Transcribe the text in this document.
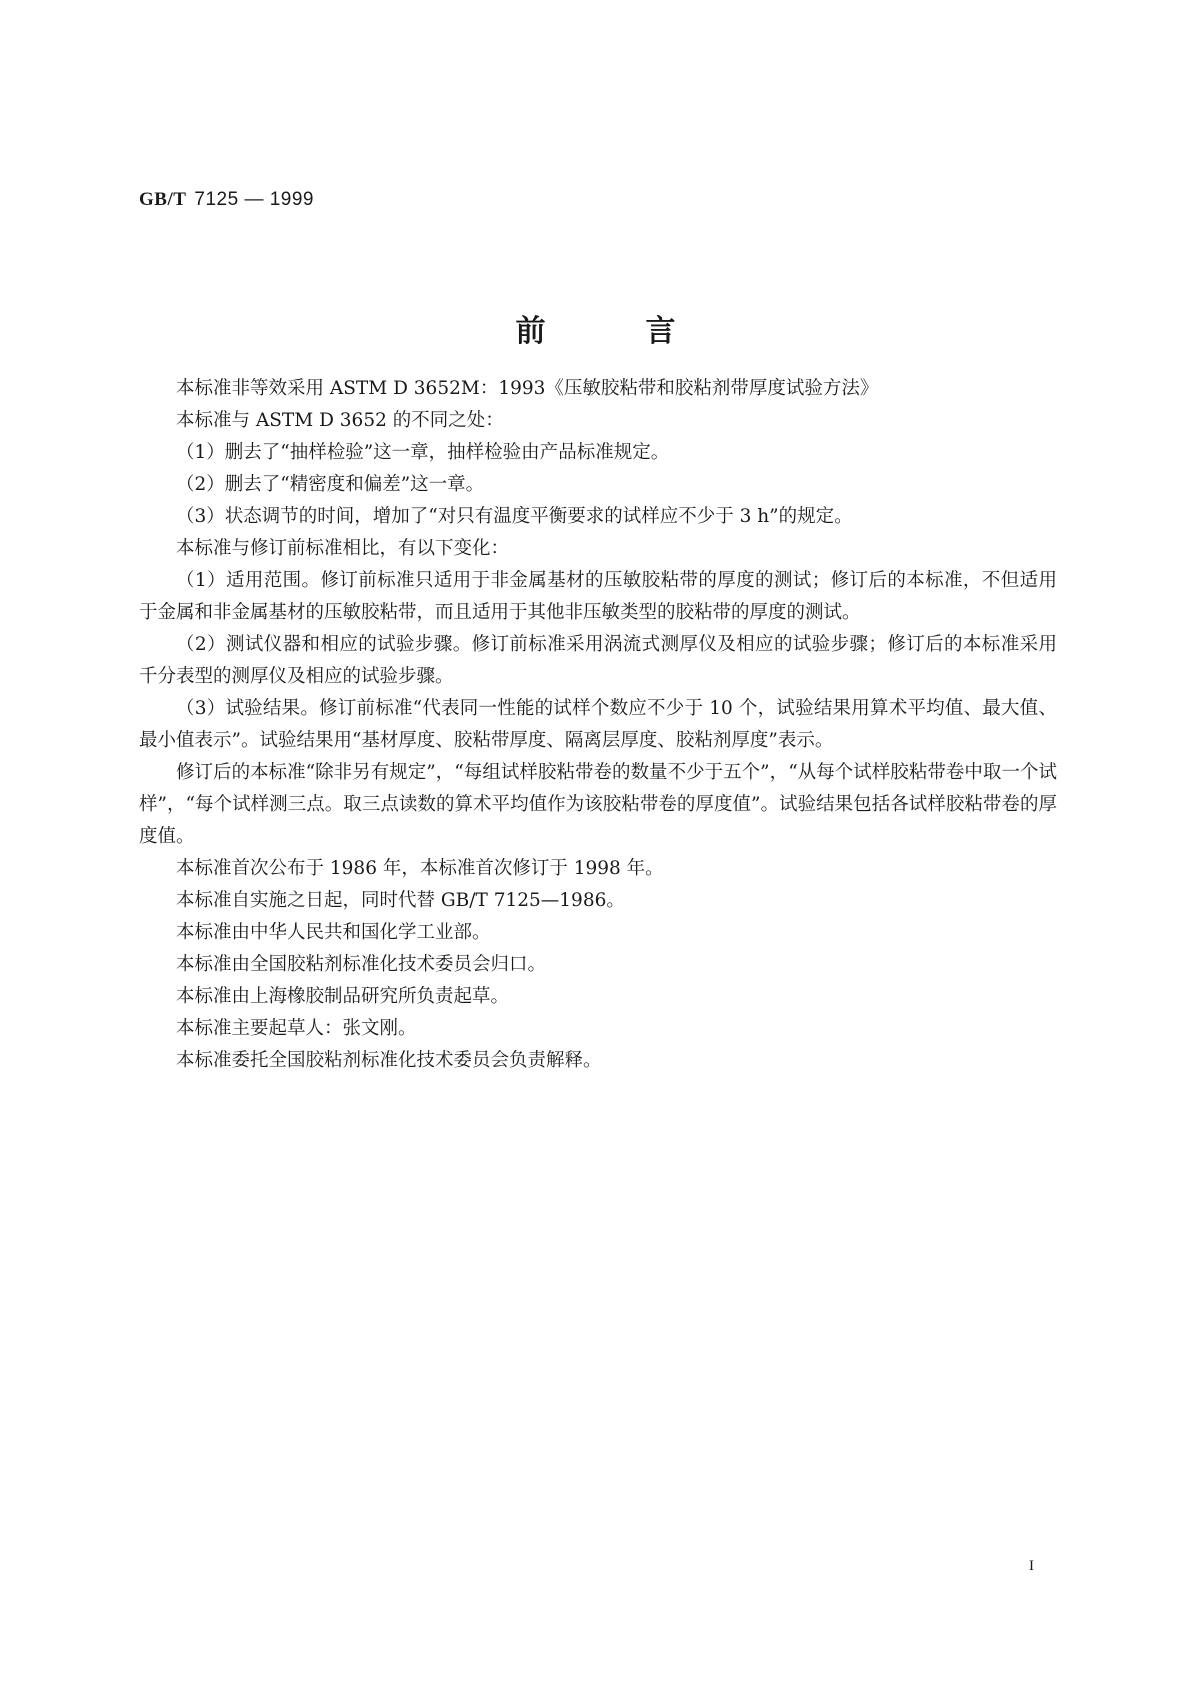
GB/T 7125 — 1999
前言

本标准非等效采用 ASTM D 3652M：1993《压敏胶粘带和胶粘剂带厚度试验方法》

本标准与 ASTM D 3652 的不同之处：

（1）删去了“抽样检验”这一章，抽样检验由产品标准规定。

（2）删去了“精密度和偏差”这一章。

（3）状态调节的时间，增加了“对只有温度平衡要求的试样应不少于 3 h”的规定。

本标准与修订前标准相比，有以下变化：

（1）适用范围。修订前标准只适用于非金属基材的压敏胶粘带的厚度的测试；修订后的本标准，不但适用于金属和非金属基材的压敏胶粘带，而且适用于其他非压敏类型的胶粘带的厚度的测试。

（2）测试仪器和相应的试验步骤。修订前标准采用涡流式测厚仪及相应的试验步骤；修订后的本标准采用千分表型的测厚仪及相应的试验步骤。

（3）试验结果。修订前标准“代表同一性能的试样个数应不少于 10 个，试验结果用算术平均值、最大值、最小值表示”。试验结果用“基材厚度、胶粘带厚度、隔离层厚度、胶粘剂厚度”表示。

修订后的本标准“除非另有规定”，“每组试样胶粘带卷的数量不少于五个”，“从每个试样胶粘带卷中取一个试样”，“每个试样测三点。取三点读数的算术平均值作为该胶粘带卷的厚度值”。试验结果包括各试样胶粘带卷的厚度值。

本标准首次公布于 1986 年，本标准首次修订于 1998 年。

本标准自实施之日起，同时代替 GB/T 7125—1986。

本标准由中华人民共和国化学工业部。

本标准由全国胶粘剂标准化技术委员会归口。

本标准由上海橡胶制品研究所负责起草。

本标准主要起草人：张文刚。

本标准委托全国胶粘剂标准化技术委员会负责解释。

I
